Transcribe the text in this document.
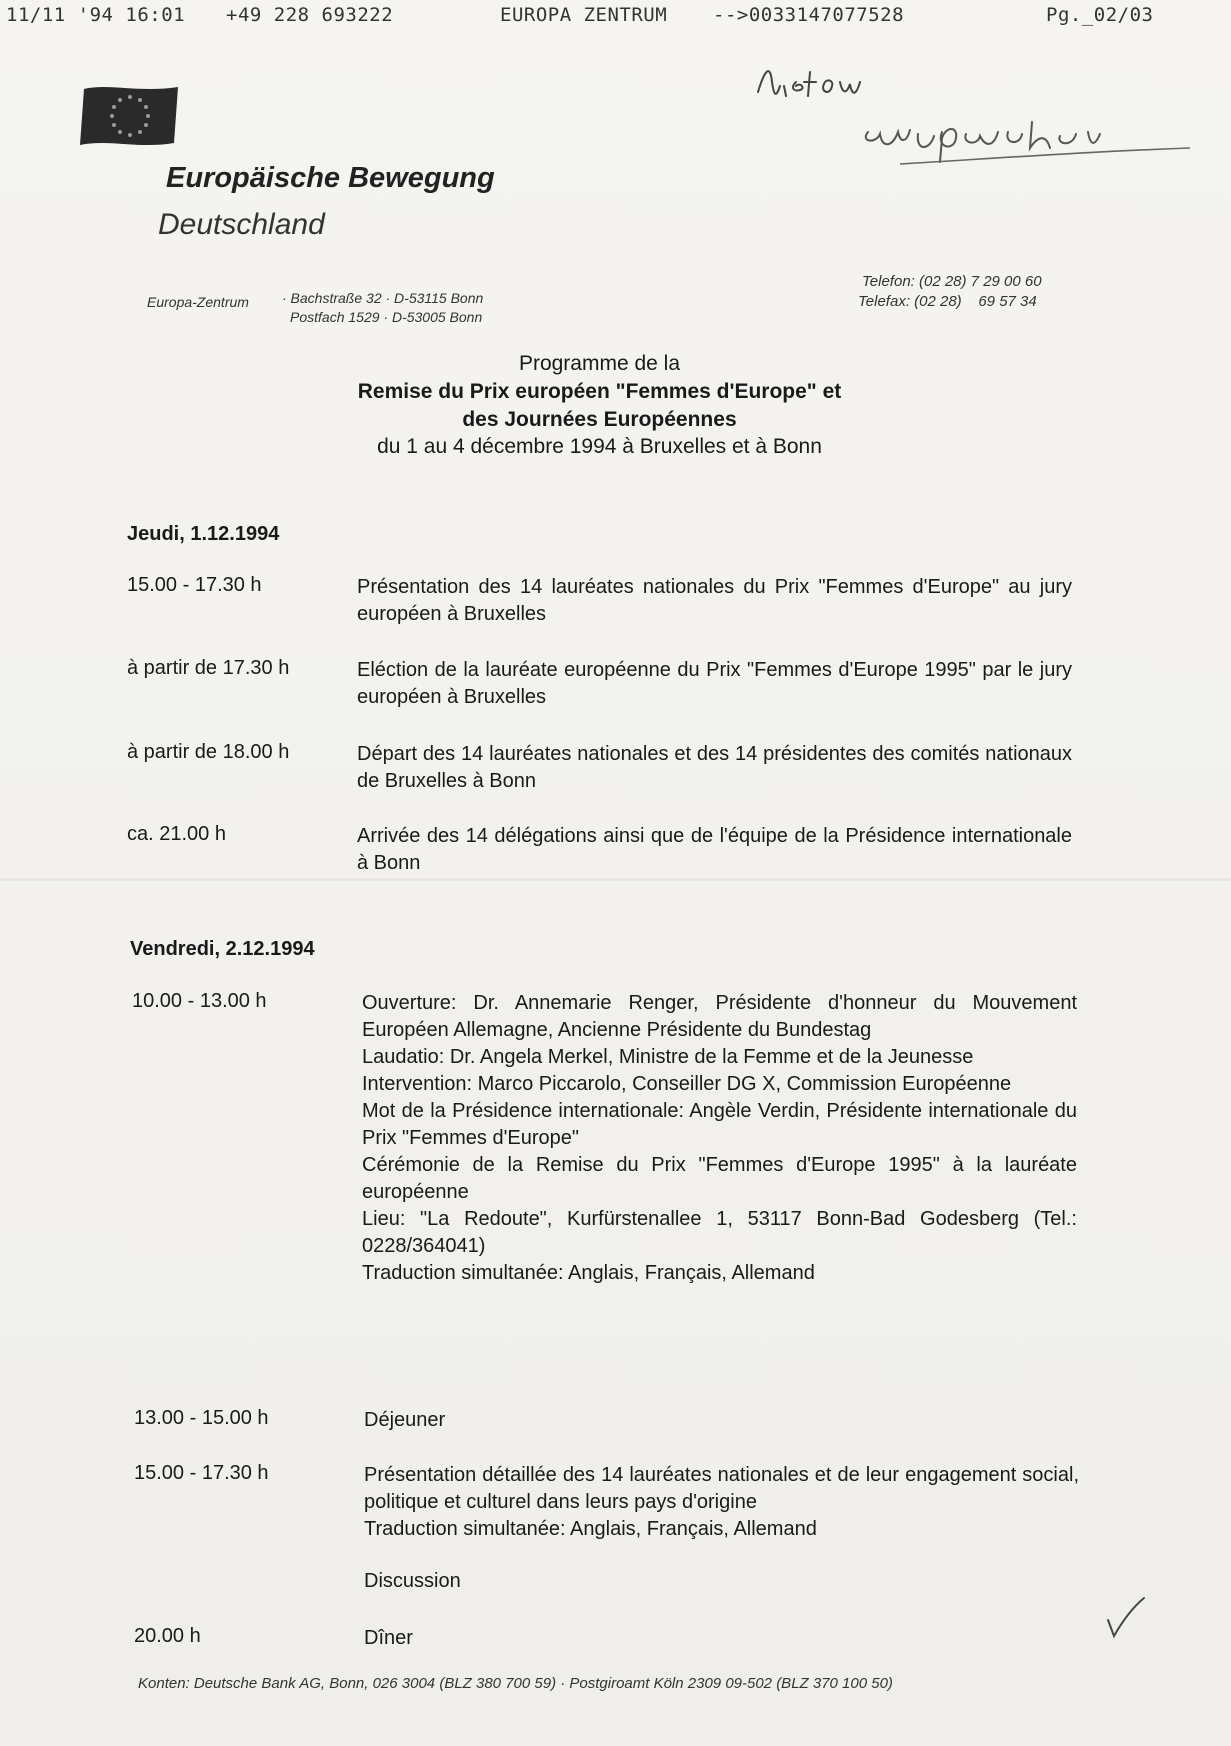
11/11 '94 16:01 +49 228 693222	EUROPA ZENTRUM -->0033147077528	Pg._02/03
Europäische Bewegung
Deutschland
Europa-Zentrum · Bachstraße 32 · D-53115 Bonn
Postfach 1529 · D-53005 Bonn
Telefon: (02 28) 7 29 00 60
Telefax: (02 28)    69 57 34
Programme de la
Remise du Prix européen "Femmes d'Europe" et
des Journées Européennes
du 1 au 4 décembre 1994 à Bruxelles et à Bonn
Jeudi, 1.12.1994
15.00 - 17.30 h	Présentation des 14 lauréates nationales du Prix "Femmes d'Europe" au jury européen à Bruxelles
à partir de 17.30 h	Eléction de la lauréate européenne du Prix "Femmes d'Europe 1995" par le jury européen à Bruxelles
à partir de 18.00 h	Départ des 14 lauréates nationales et des 14 présidentes des comités nationaux de Bruxelles à Bonn
ca. 21.00 h	Arrivée des 14 délégations ainsi que de l'équipe de la Présidence internationale à Bonn
Vendredi, 2.12.1994
10.00 - 13.00 h	Ouverture: Dr. Annemarie Renger, Présidente d'honneur du Mouvement Européen Allemagne, Ancienne Présidente du Bundestag
Laudatio: Dr. Angela Merkel, Ministre de la Femme et de la Jeunesse
Intervention: Marco Piccarolo, Conseiller DG X, Commission Européenne
Mot de la Présidence internationale: Angèle Verdin, Présidente internationale du Prix "Femmes d'Europe"
Cérémonie de la Remise du Prix "Femmes d'Europe 1995" à la lauréate européenne
Lieu: "La Redoute", Kurfürstenallee 1, 53117 Bonn-Bad Godesberg (Tel.: 0228/364041)
Traduction simultanée: Anglais, Français, Allemand
13.00 - 15.00 h	Déjeuner
15.00 - 17.30 h	Présentation détaillée des 14 lauréates nationales et de leur engagement social, politique et culturel dans leurs pays d'origine
Traduction simultanée: Anglais, Français, Allemand
Discussion
20.00 h	Dîner
Konten: Deutsche Bank AG, Bonn, 026 3004 (BLZ 380 700 59) · Postgiroamt Köln 2309 09-502 (BLZ 370 100 50)
